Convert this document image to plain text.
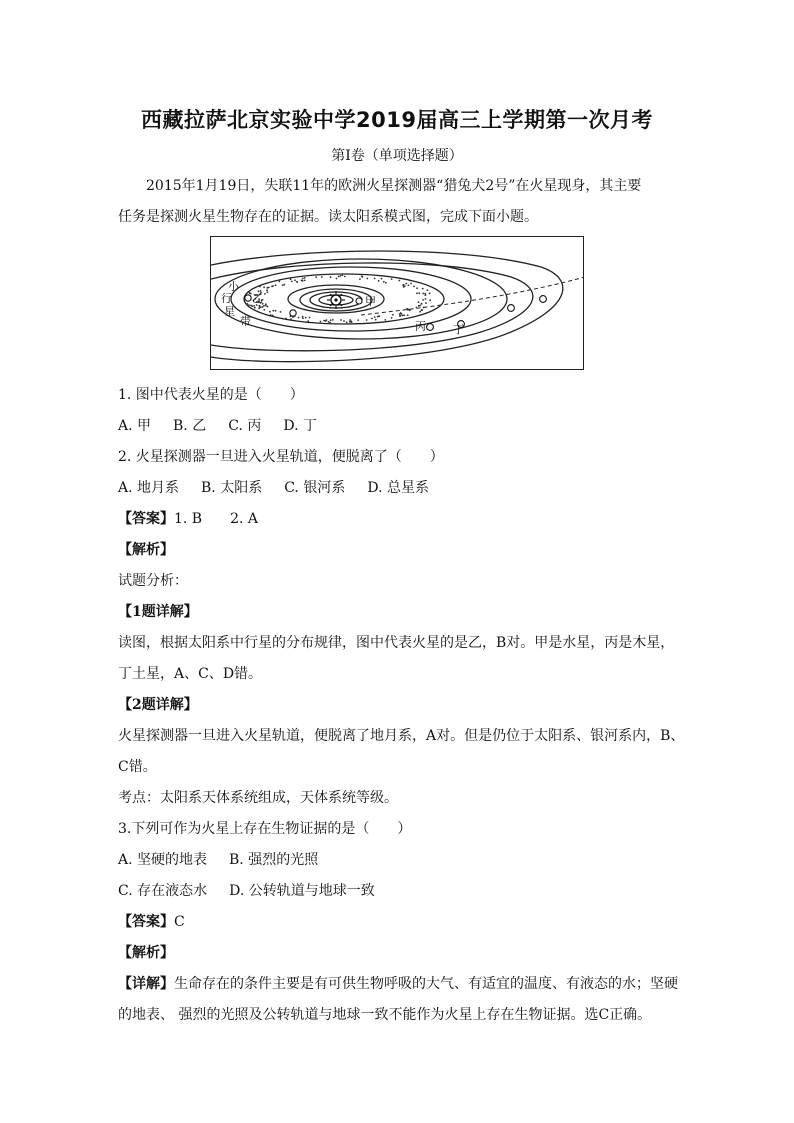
西藏拉萨北京实验中学2019届高三上学期第一次月考
第Ⅰ卷（单项选择题）
2015年1月19日，失联11年的欧洲火星探测器“猎兔犬2号”在火星现身，其主要
任务是探测火星生物存在的证据。读太阳系模式图，完成下面小题。
甲
乙
丙 丁
小
行
星
带
1. 图中代表火星的是（　　）
A. 甲 B. 乙 C. 丙 D. 丁
2. 火星探测器一旦进入火星轨道，便脱离了（　　）
A. 地月系 B. 太阳系 C. 银河系 D. 总星系
【答案】1. B　　2. A
【解析】
试题分析：
【1题详解】
读图，根据太阳系中行星的分布规律，图中代表火星的是乙，B对。甲是水星，丙是木星，
丁土星，A、C、D错。
【2题详解】
火星探测器一旦进入火星轨道，便脱离了地月系，A对。但是仍位于太阳系、银河系内，B、
C错。
考点：太阳系天体系统组成，天体系统等级。
3.下列可作为火星上存在生物证据的是（　　）
A. 坚硬的地表 B. 强烈的光照
C. 存在液态水 D. 公转轨道与地球一致
【答案】C
【解析】
【详解】生命存在的条件主要是有可供生物呼吸的大气、有适宜的温度、有液态的水；坚硬
的地表、 强烈的光照及公转轨道与地球一致不能作为火星上存在生物证据。选C正确。
